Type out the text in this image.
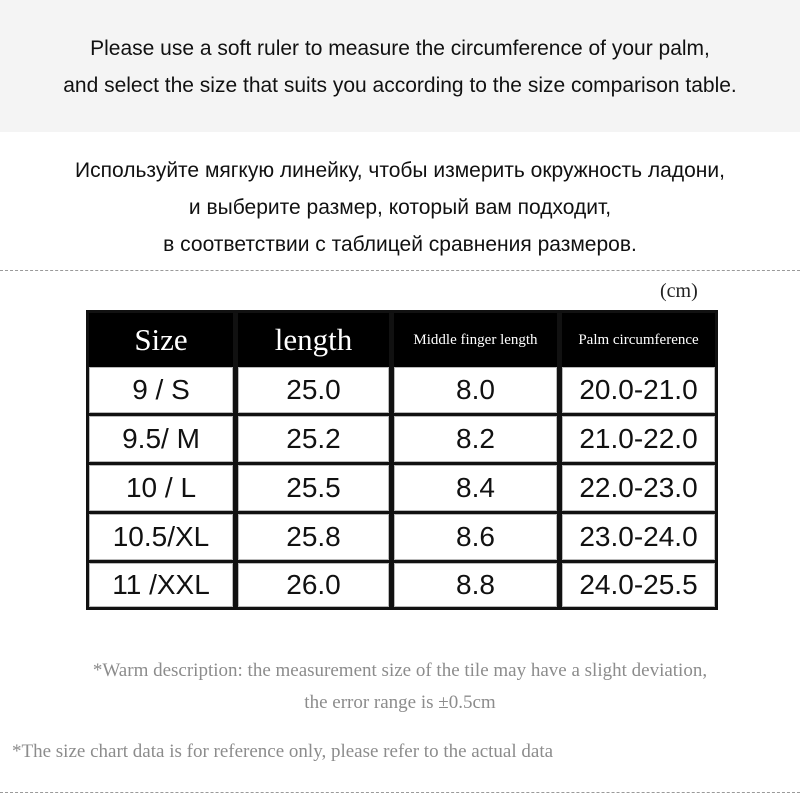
Please use a soft ruler to measure the circumference of your palm,
and select the size that suits you according to the size comparison table.
Используйте мягкую линейку, чтобы измерить окружность ладони,
и выберите размер, который вам подходит,
в соответствии с таблицей сравнения размеров.
(cm)
Size	length	Middle finger length	Palm circumference
9 / S	25.0	8.0	20.0-21.0
9.5/ M	25.2	8.2	21.0-22.0
10 / L	25.5	8.4	22.0-23.0
10.5/XL	25.8	8.6	23.0-24.0
11 /XXL	26.0	8.8	24.0-25.5
*Warm description: the measurement size of the tile may have a slight deviation,
the error range is ±0.5cm
*The size chart data is for reference only, please refer to the actual data
